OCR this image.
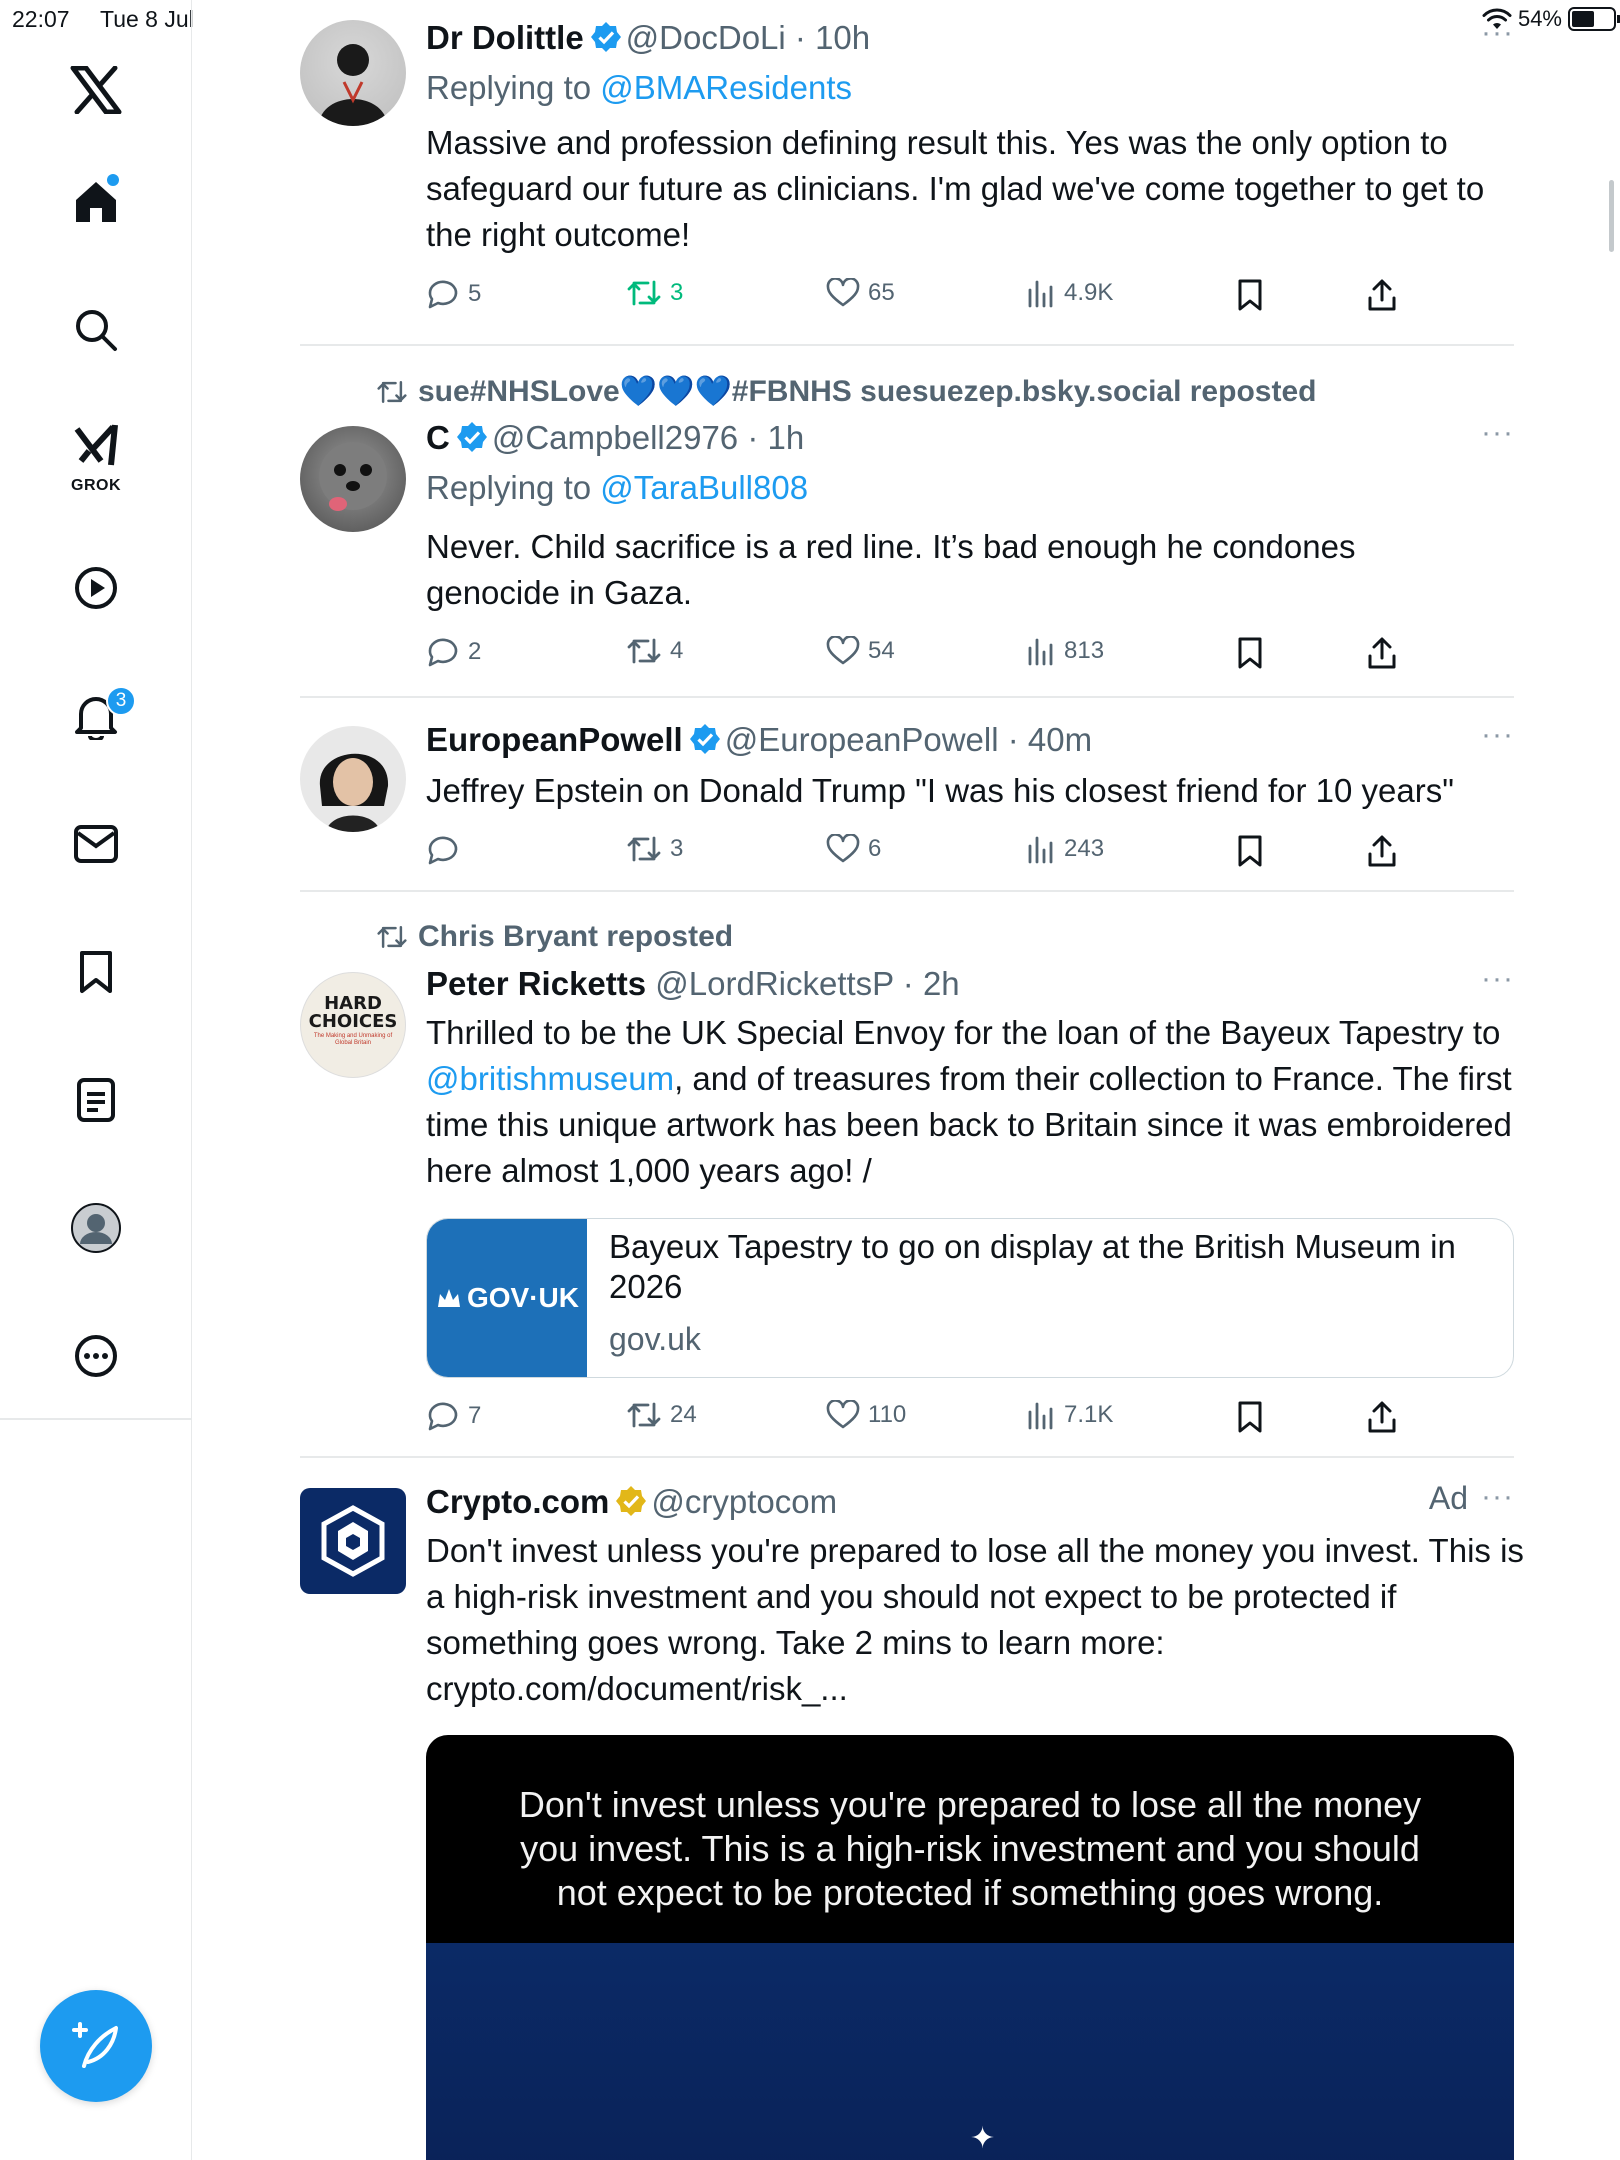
22:07 Tue 8 Jul	54%
GROK
3
Dr Dolittle @DocDoLi · 10h
Replying to @BMAResidents
Massive and profession defining result this. Yes was the only option to safeguard our future as clinicians. I'm glad we've come together to get to the right outcome!
5	3	65	4.9K
···
sue#NHSLove💙💙💙#FBNHS suesuezep.bsky.social reposted
C @Campbell2976 · 1h
Replying to @TaraBull808
Never. Child sacrifice is a red line. It’s bad enough he condones genocide in Gaza.
2	4	54	813
···
EuropeanPowell @EuropeanPowell · 40m
Jeffrey Epstein on Donald Trump "I was his closest friend for 10 years"
3	6	243
···
Chris Bryant reposted
HARD
CHOICES
The Making and Unmaking of Global Britain
Peter Ricketts @LordRickettsP · 2h
Thrilled to be the UK Special Envoy for the loan of the Bayeux Tapestry to @britishmuseum, and of treasures from their collection to France. The first time this unique artwork has been back to Britain since it was embroidered here almost 1,000 years ago! /
GOV·UK
Bayeux Tapestry to go on display at the British Museum in 2026
gov.uk
7	24	110	7.1K
···
Crypto.com @cryptocom
Don't invest unless you're prepared to lose all the money you invest. This is a high-risk investment and you should not expect to be protected if something goes wrong. Take 2 mins to learn more:
crypto.com/document/risk_...
Ad ···
Don't invest unless you're prepared to lose all the money you invest. This is a high-risk investment and you should not expect to be protected if something goes wrong.
✦
